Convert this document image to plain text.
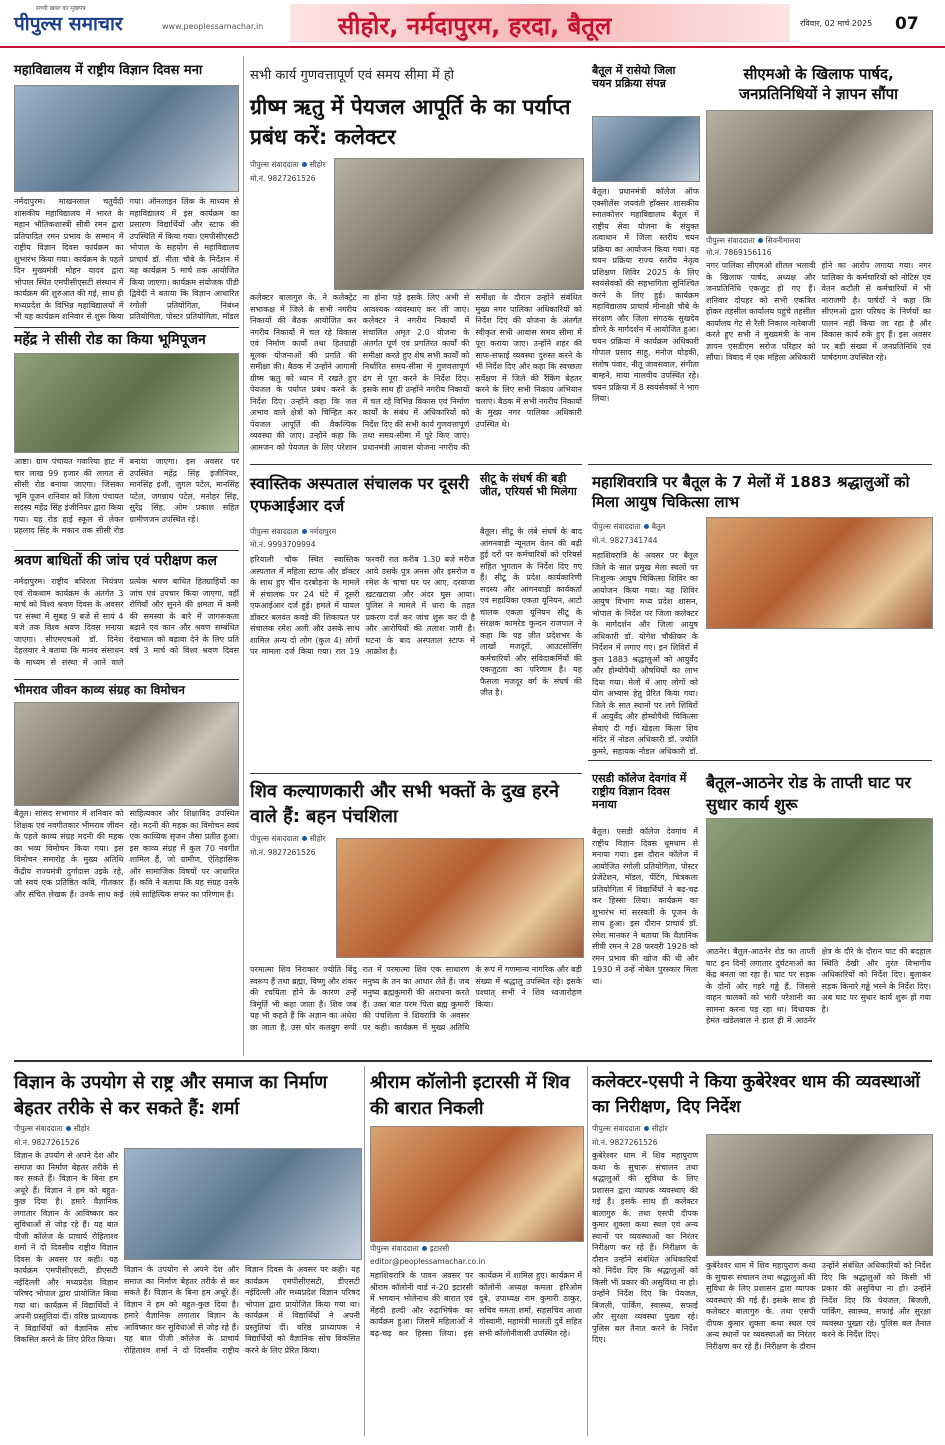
पीपुल्स समाचार
सच्ची ख़बर का मुखपत्र
www.peoplessamachar.in	सीहोर, नर्मदापुरम, हरदा, बैतूल	रविवार, 02 मार्च 2025 07
महाविद्यालय में राष्ट्रीय विज्ञान दिवस मना
नर्मदापुरम। माखनलाल चतुर्वेदी शासकीय महाविद्यालय में भारत के महान भौतिकशास्त्री सीवी रमन द्वारा प्रतिपादित रमन प्रभाव के सम्मान में राष्ट्रीय विज्ञान दिवस कार्यक्रम का शुभारंभ किया गया। कार्यक्रम के पहले दिन मुख्यमंत्री मोहन यादव द्वारा भोपाल स्थित एमपीसीएसटी संस्थान में कार्यक्रम की शुरुआत की गई, साथ ही मध्यप्रदेश के विभिन्न महाविद्यालयों में भी यह कार्यक्रम शनिवार से शुरू किया गया। ऑनलाइन लिंक के माध्यम से महाविद्यालय में इस कार्यक्रम का प्रसारण विद्यार्थियों और स्टाफ की उपस्थिति में किया गया। एमपीसीएसटी भोपाल के सहयोग से महाविद्यालय प्राचार्य डॉ. नीता चौबे के निर्देशन में यह कार्यक्रम 5 मार्च तक आयोजित किया जाएगा। कार्यक्रम संयोजक पीडी द्विवेदी ने बताया कि विज्ञान आधारित रंगोली प्रतियोगिता, निबंध्न प्रतियोगिता, पोस्टर प्रतियोगिता, मॉडल
महेंद्र ने सीसी रोड का किया भूमिपूजन
आष्टा। ग्राम पंचायत गवारिया हाट में चार लाख 99 हजार की लागत से सीसी रोड बनाया जाएगा। जिसका भूमि पूजन शनिवार को जिला पंचायत सदस्य महेंद्र सिंह इंजीनियर द्वारा किया गया। यह रोड हाई स्कूल से लेकर प्रहलाद सिंह के मकान तक सीसी रोड बनाया जाएगा। इस अवसर पर उपस्थित महेंद्र सिंह इंजीनियर, मानसिंह इंजी, जुगल पटेल, मानसिंह पटेल, जगन्नाथ पटेल, मनोहर सिंह, सुरेंद्र सिंह, ओम प्रकाश सहित ग्रामीणजन उपस्थित रहे।
श्रवण बाधितों की जांच एवं परीक्षण कल
नर्मदापुरम। राष्ट्रीय बधिरता नियंत्रण एवं रोकथाम कार्यक्रम के अंतर्गत 3 मार्च को विश्व श्रवण दिवस के अवसर पर संस्था में सुबह 9 बजे से सायं 4 बजे तक विश्व श्रवण दिवस मनाया जाएगा। सीएमएचओ डॉ. दिनेश देहलवार ने बताया कि मानव संसाधन के माध्यम से संस्था में आने वाले प्रत्येक श्रवण बाधित हितग्राहियों का जांच एवं उपचार किया जाएगा, वहीं रोगियों और सुनने की क्षमता में कमी की समस्या के बारे में जागरूकता बढ़ाने एवं कान और श्रवण सम्बंधित देखभाल को बढ़ावा देने के लिए प्रति वर्ष 3 मार्च को विश्व श्रवण दिवस
भीमराव जीवन काव्य संग्रह का विमोचन
बैतूल। सांसद सभागार में शनिवार को शिक्षक एवं नवगीतकार भीमराव जीवन के पहले काव्य संग्रह मदनी की महक का भव्य विमोचन किया गया। इस विमोचन समारोह के मुख्य अतिथि केंद्रीय राज्यमंत्री दुर्गादास उइके रहे, जो स्वयं एक प्रतिष्ठित कवि, गीतकार और संचित लेखक हैं। उनके साथ कई साहित्यकार और शिक्षाविद उपस्थित रहे। मदनी की महक का विमोचन स्वयं एक काव्यिक सृजन जैसा प्रतीत हुआ। इस काव्य संग्रह में कुल 70 नवगीत शामिल हैं, जो ग्रामीण, ऐतिहासिक और सामाजिक विषयों पर आधारित हैं। कवि ने बताया कि यह संग्रह उनके लंबे साहित्यिक सफर का परिणाम है।
सभी कार्य गुणवत्तापूर्ण एवं समय सीमा में हो
ग्रीष्म ऋतु में पेयजल आपूर्ति के का पर्याप्त प्रबंध करें: कलेक्टर
पीपुल्स संवाददाता सीहोर
मो.नं. 9827261526
कलेक्टर बालागुरु के. ने कलेक्ट्रेट सभाकक्ष में जिले के सभी नगरीय निकायों की बैठक आयोजित कर नगरीय निकायों में चल रहे विकास एवं निर्माण कार्यों तथा हितग्राही मूलक योजनाओं की प्रगति की समीक्षा की। बैठक में उन्होंने आगामी ग्रीष्म ऋतु को ध्यान में रखते हुए पेयजल के पर्याप्त प्रबंध करने के निर्देश दिए। उन्होंने कहा कि जल अभाव वाले क्षेत्रों को चिन्हित कर पेयजल आपूर्ति की वैकल्पिक व्यवस्था की जाए। उन्होंने कहा कि आमजन को पेयजल के लिए परेशान ना होना पड़े इसके लिए अभी से आवश्यक व्यवस्थाएं कर ली जाएं। कलेक्टर ने नगरीय निकायों में संचालित अमृत 2.0 योजना के अंतर्गत पूर्ण एवं प्रगतिरत कार्यों की समीक्षा करते हुए शेष सभी कार्यों को निर्धारित समय-सीमा में गुणवत्तापूर्ण ढंग से पूरा करने के निर्देश दिए। इसके साथ ही उन्होंने नगरीय निकायों में चल रहे विभिन्न विकास एवं निर्माण कार्यों के संबंध में अधिकारियों को निर्देश दिए की सभी कार्य गुणवत्तापूर्ण तथा समय-सीमा में पूरे किए जाएं। प्रधानमंत्री आवास योजना नगरीय की समीक्षा के दौरान उन्होंने संबंधित मुख्य नगर पालिका अधिकारियों को निर्देश दिए की योजना के अंतर्गत स्वीकृत सभी आवास समय सीमा में पूरा कराया जाए। उन्होंने शहर की साफ-सफाई व्यवस्था दुरुस्त करने के भी निर्देश दिए और कहा कि स्वच्छता सर्वेक्षण में जिले की रैंकिंग बेहतर करने के लिए सभी निकाय अभियान चलाएं। बैठक में सभी नगरीय निकायों के मुख्य नगर पालिका अधिकारी उपस्थित थे।
बैतूल में रासेयो जिला चयन प्रक्रिया संपन्न
बैतूल। प्रधानमंत्री कॉलेज ऑफ एक्सीलेंस जयवंती हॉक्सर शासकीय स्नातकोत्तर महाविद्यालय बैतूल में राष्ट्रीय सेवा योजना के संयुक्त तत्वाधान में जिला स्तरीय चयन प्रक्रिया का आयोजन किया गया। यह चयन प्रक्रिया राज्य स्तरीय नेतृत्व प्रशिक्षण शिविर 2025 के लिए स्वयंसेवकों की सहभागिता सुनिश्चित करने के लिए हुई। कार्यक्रम महाविद्यालय प्राचार्य मीनाक्षी चौबे के संरक्षण और जिला संगठक सुखदेव डोंगरे के मार्गदर्शन में आयोजित हुआ। चयन प्रक्रिया में कार्यक्रम अधिकारी गोपाल प्रसाद साहू, मनोज घोड़की, संतोष पंवार, नीतू जावसवाल, संगीता बाम्हने, माया मालवीय उपस्थित रहे। चयन प्रक्रिया में 8 स्वयंसेवकों ने भाग लिया।
सीएमओ के खिलाफ पार्षद, जनप्रतिनिधियों ने ज्ञापन सौंपा
पीपुल्स संवाददाता सिवनीमालवा
मो.नं. 7869156116
नगर पालिका सीएमओ शीतल भलावी के खिलाफ पार्षद, अध्यक्ष और जनप्रतिनिधि एकजुट हो गए हैं। शनिवार दोपहर को सभी एकत्रित होकर तहसील कार्यालय पहुंचे तहसील कार्यालय गेट से रैली निकाल नारेबाजी करते हुए सभी ने मुख्यमंत्री के नाम ज्ञापन एसडीएम सरोज परिहार को सौंपा। विवाद में एक महिला अधिकारी होने का आरोप लगाया गया। नगर पालिका के कर्मचारियों को नोटिस एवं वेतन कटौती से कर्मचारियों में भी नाराजगी है। पार्षदों ने कहा कि सीएमओ द्वारा परिषद के निर्णयों का पालन नहीं किया जा रहा है और विकास कार्य रुके हुए हैं। इस अवसर पर बड़ी संख्या में जनप्रतिनिधि एवं पार्षदगण उपस्थित रहे।
स्वास्तिक अस्पताल संचालक पर दूसरी एफआईआर दर्ज
पीपुल्स संवाददाता नर्मदापुरम
मो.नं. 9993709994
हरियाली चौक स्थित स्वास्तिक अस्पताल में महिला स्टाफ और डॉक्टर के साथ हुए चीन दरबोड़ना के मामले में संचालक पर 24 घंटे में दूसरी एफआईआर दर्ज हुई। हमले में घायल डॉक्टर बलवंत कवड़े की शिकायत पर संचालक रमेश अली और उसके साथ शामिल अन्य दो लोग (कुल 4) लोगों पर मामला दर्ज किया गया। रात 19 फरवरी रात करीब 1.30 बजे मरीज आये उसके पुत्र अनस और इमरोज व रमेश के चाचा घर पर आए, दरवाजा खटखटाया और अंदर घुस आया। पुलिस ने मामले में धारा के तहत प्रकरण दर्ज कर जांच शुरू कर दी है और आरोपियों की तलाश जारी है। घटना के बाद अस्पताल स्टाफ में आक्रोश है।
सीटू के संघर्ष की बड़ी जीत, एरियर्स भी मिलेगा
बैतूल। सीटू के लंबे संघर्ष के बाद आंगनवाड़ी न्यूनतम वेतन की बढ़ी हुई दरों पर कर्मचारियों को एरियर्स सहित भुगतान के निर्देश दिए गए हैं। सीटू के प्रदेश कार्यकारिणी सदस्य और आंगनवाड़ी कार्यकर्ता एवं सहायिका एकता यूनियन, आटो चालक एकता यूनियन सीटू के संरक्षक कामरेड कुन्दन राजपाल ने कहा कि यह जीत प्रदेशभर के लाखों मजदूरों, आउटसोर्सिंग कर्मचारियों और संविदाकर्मियों की एकजुटता का परिणाम है। यह फैसला मजदूर वर्ग के संघर्ष की जीत है।
महाशिवरात्रि पर बैतूल के 7 मेलों में 1883 श्रद्धालुओं को मिला आयुष चिकित्सा लाभ
पीपुल्स संवाददाता बैतूल
मो.नं. 9827341744
महाशिवरात्रि के अवसर पर बैतूल जिले के सात प्रमुख मेला स्थलों पर निःशुल्क आयुष चिकित्सा शिविर का आयोजन किया गया। यह शिविर आयुष विभाग मध्य प्रदेश शासन, भोपाल के निर्देश पर जिला कलेक्टर के मार्गदर्शन और जिला आयुष अधिकारी डॉ. योगेश चौकीकर के निर्देशन में लगाए गए। इन शिविरों में कुल 1883 श्रद्धालुओं को आयुर्वेद और होम्योपैथी औषधियों का लाभ दिया गया। मेलों में आए लोगों को योग अभ्यास हेतु प्रेरित किया गया। जिले के सात स्थानों पर लगे शिविरों में आयुर्वेद और होम्योपैथी चिकित्सा सेवाएं दी गईं। खेड़ला किला शिव मंदिर में नोडल अधिकारी डॉ. ज्योति कुमरे, सहायक नोडल अधिकारी डॉ.
शिव कल्याणकारी और सभी भक्तों के दुख हरने वाले हैं: बहन पंचशिला
पीपुल्स संवाददाता सीहोर
मो.नं. 9827261526
परमात्मा शिव निराकार ज्योति बिंदु स्वरूप हैं तथा ब्रह्मा, विष्णु और शंकर की रचयिता होने के कारण उन्हें त्रिमूर्ति भी कहा जाता है। शिव जब यह भी कहते हैं कि अज्ञान का अंधेरा छा जाता है, उस घोर कलयुग रूपी रात में परमात्मा शिव एक साधारण मनुष्य के तन का आधार लेते हैं। जब मनुष्य ब्रह्मकुमारी की अराधना करते हैं। उक्त बात परम पिता ब्रह्म कुमारी की पंचशिला ने शिवरात्रि के अवसर पर कही। कार्यक्रम में मुख्य अतिथि के रूप में गणमान्य नागरिक और बड़ी संख्या में श्रद्धालु उपस्थित रहे। इसके पश्चात् सभी ने शिव ध्वजारोहण किया।
एसडी कॉलेज देवगांव में राष्ट्रीय विज्ञान दिवस मनाया
बैतूल। एसडी कॉलेज देवगांव में राष्ट्रीय विज्ञान दिवस धूमधाम से मनाया गया। इस दौरान कॉलेज में आयोजित रंगोली प्रतियोगिता, पोस्टर प्रेजेंटेशन, मॉडल, पेंटिंग, चित्रकला प्रतियोगिता में विद्यार्थियों ने बढ़-चढ़ कर हिस्सा लिया। कार्यक्रम का शुभारंभ मां सरस्वती के पूजन के साथ हुआ। इस दौरान प्राचार्य डॉ. रमेश मानकर ने बताया कि वैज्ञानिक सीवी रमन ने 28 फरवरी 1928 को रमन प्रभाव की खोज की थी और 1930 में उन्हें नोबेल पुरस्कार मिला था।
बैतूल-आठनेर रोड के ताप्ती घाट पर सुधार कार्य शुरू
आठनेर। बैतूल-आठनेर रोड का ताप्ती घाट इन दिनों लगातार दुर्घटनाओं का केंद्र बनता जा रहा है। घाट पर सड़क के दोनों ओर गहरे गड्ढे हैं, जिससे वाहन चालकों को भारी परेशानी का सामना करना पड़ रहा था। विधायक हेमंत खंडेलवाल ने हाल ही में आठनेर क्षेत्र के दौरे के दौरान घाट की बदहाल स्थिति देखी और तुरंत विभागीय अधिकारियों को निर्देश दिए। बुलाकर सड़क किनारे गड्ढे भरने के निर्देश दिए। अब घाट पर सुधार कार्य शुरू हो गया है।
विज्ञान के उपयोग से राष्ट्र और समाज का निर्माण बेहतर तरीके से कर सकते हैं: शर्मा
पीपुल्स संवाददाता सीहोर
मो.नं. 9827261526
विज्ञान के उपयोग से अपने देश और समाज का निर्माण बेहतर तरीके से कर सकते हैं। विज्ञान के बिना हम अधूरे हैं। विज्ञान ने हम को बहुत-कुछ दिया है। हमारे वैज्ञानिक लगातार विज्ञान के आविष्कार कर सुविधाओं से जोड़ रहे हैं। यह बात पीजी कॉलेज के प्राचार्य रोहिताश्व शर्मा ने दो दिवसीय राष्ट्रीय विज्ञान दिवस के अवसर पर कही। यह कार्यक्रम एमपीसीएसटी, डीएसटी नईदिल्ली और मध्यप्रदेश विज्ञान परिषद भोपाल द्वारा प्रायोजित किया गया था। कार्यक्रम में विद्यार्थियों ने अपनी प्रस्तुतियां दीं। वरिष्ठ प्राध्यापक ने विद्यार्थियों को वैज्ञानिक सोच विकसित करने के लिए प्रेरित किया।
विज्ञान के उपयोग से अपने देश और समाज का निर्माण बेहतर तरीके से कर सकते हैं। विज्ञान के बिना हम अधूरे हैं। विज्ञान ने हम को बहुत-कुछ दिया है। हमारे वैज्ञानिक लगातार विज्ञान के आविष्कार कर सुविधाओं से जोड़ रहे हैं। यह बात पीजी कॉलेज के प्राचार्य रोहिताश्व शर्मा ने दो दिवसीय राष्ट्रीय विज्ञान दिवस के अवसर पर कही। यह कार्यक्रम एमपीसीएसटी, डीएसटी नईदिल्ली और मध्यप्रदेश विज्ञान परिषद भोपाल द्वारा प्रायोजित किया गया था। कार्यक्रम में विद्यार्थियों ने अपनी प्रस्तुतियां दीं। वरिष्ठ प्राध्यापक ने विद्यार्थियों को वैज्ञानिक सोच विकसित करने के लिए प्रेरित किया।
श्रीराम कॉलोनी इटारसी में शिव की बारात निकली
पीपुल्स संवाददाता इटारसी
editor@peoplessamachar.co.in
महाशिवरात्रि के पावन अवसर पर श्रीराम कॉलोनी वार्ड नं-20 इटारसी में भगवान भोलेनाथ की बारात एवं मेंहदी हल्दी और रुद्राभिषेक का कार्यक्रम हुआ। जिसमें महिलाओं ने बढ़-चढ़ कर हिस्सा लिया। इस कार्यक्रम में शामिल हुए। कार्यक्रम में कॉलोनी अध्यक्ष कमला हरिओम दुबे, उपाध्यक्ष राम कुमारी ठाकुर, सचिव ममता शर्मा, सहसचिव आशा गोस्वामी, महामंत्री मालती दुर्वे सहित सभी कॉलोनीवासी उपस्थित रहे।
कलेक्टर-एसपी ने किया कुबेरेश्वर धाम की व्यवस्थाओं का निरीक्षण, दिए निर्देश
पीपुल्स संवाददाता सीहोर
मो.नं. 9827261526
कुबेरेश्वर धाम में शिव महापुराण कथा के सुचारू संचालन तथा श्रद्धालुओं की सुविधा के लिए प्रशासन द्वारा व्यापक व्यवस्थाएं की गई हैं। इसके साथ ही कलेक्टर बालागुरु के. तथा एसपी दीपक कुमार शुक्ला कथा स्थल एवं अन्य स्थानों पर व्यवस्थाओं का निरंतर निरीक्षण कर रहे हैं। निरीक्षण के दौरान उन्होंने संबंधित अधिकारियों को निर्देश दिए कि श्रद्धालुओं को किसी भी प्रकार की असुविधा ना हो। उन्होंने निर्देश दिए कि पेयजल, बिजली, पार्किंग, स्वास्थ्य, सफाई और सुरक्षा व्यवस्था पुख्ता रहे। पुलिस बल तैनात करने के निर्देश दिए।
कुबेरेश्वर धाम में शिव महापुराण कथा के सुचारू संचालन तथा श्रद्धालुओं की सुविधा के लिए प्रशासन द्वारा व्यापक व्यवस्थाएं की गई हैं। इसके साथ ही कलेक्टर बालागुरु के. तथा एसपी दीपक कुमार शुक्ला कथा स्थल एवं अन्य स्थानों पर व्यवस्थाओं का निरंतर निरीक्षण कर रहे हैं। निरीक्षण के दौरान उन्होंने संबंधित अधिकारियों को निर्देश दिए कि श्रद्धालुओं को किसी भी प्रकार की असुविधा ना हो। उन्होंने निर्देश दिए कि पेयजल, बिजली, पार्किंग, स्वास्थ्य, सफाई और सुरक्षा व्यवस्था पुख्ता रहे। पुलिस बल तैनात करने के निर्देश दिए।
